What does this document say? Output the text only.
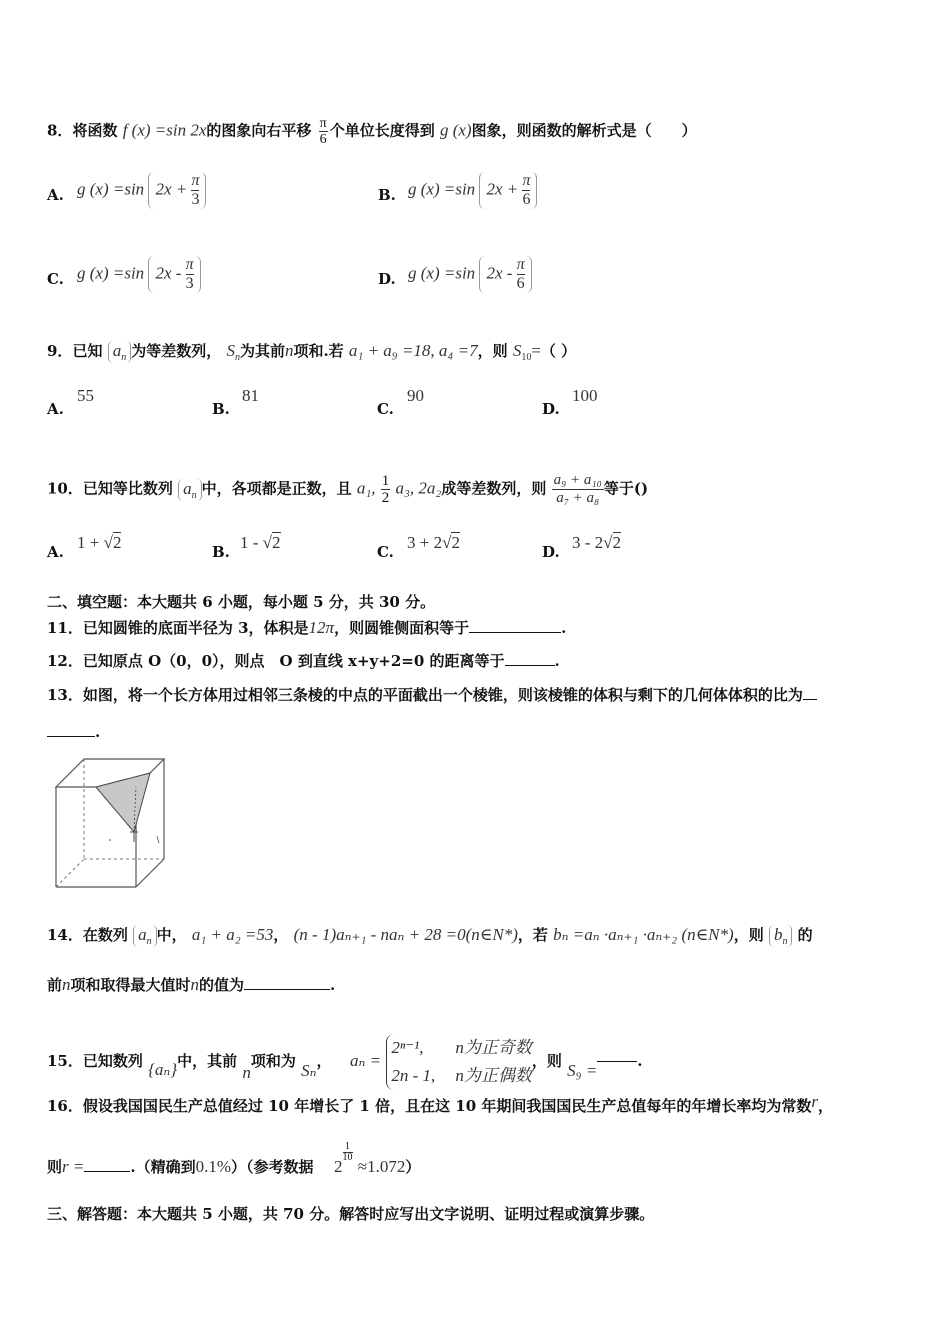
8．将函数 f (x) =sin 2x的图象向右平移 $\frac{\pi}{6}$ 个单位长度得到 g (x)图象，则函数的解析式是（　　）
A. g (x) =sin $2x + \frac{\pi}{3}$	B. g (x) =sin $2x + \frac{\pi}{6}$
C. g (x) =sin $2x - \frac{\pi}{3}$	D. g (x) =sin $2x - \frac{\pi}{6}$
9．已知 $a_n$ 为等差数列， $S_n$为其前n项和.若 a₁ + a₉ =18, a₄ =7，则 $S_{10}=$（ ）
A.
55
B.
81
C.
90
D.
100
10．已知等比数列 $a_n$ 中，各项都是正数，且 a₁, $\frac{1}{2} a_3$, 2a₂成等差数列，则 $\frac{\text{a₉ + a₁₀}}{\text{a₇ + a₈}}$ 等于()
A. 1 + √2	B. 1 - √2	C. 3 + 2√2	D. 3 - 2√2
二、填空题：本大题共 6 小题，每小题 5 分，共 30 分。
11．已知圆锥的底面半径为 3，体积是12π，则圆锥侧面积等于	.
12．已知原点 O（0，0），则点　O 到直线 x+y+2=0 的距离等于	.
13．如图，将一个长方体用过相邻三条棱的中点的平面截出一个棱锥，则该棱锥的体积与剩下的几何体体积的比为
.
14．在数列 $a_n$ 中， a₁ + a₂ =53， (n - 1)aₙ₊₁ - naₙ + 28 =0(n∈N*)，若 bₙ =aₙ ·aₙ₊₁ ·aₙ₊₂ (n∈N*)，则 $b_n$ 的
前n项和取得最大值时n的值为	.
15．已知数列 {aₙ}中，其前 n项和为 Sₙ， aₙ =
2ⁿ⁻¹, n为正奇数
2n - 1, n为正偶数
，则 S₉ =	.
16．假设我国国民生产总值经过 10 年增长了 1 倍，且在这 10 年期间我国国民生产总值每年的年增长率均为常数r，
则r =	.（精确到0.1%）（参考数据 2
$\frac{1}{10}$
≈1.072）
三、解答题：本大题共 5 小题，共 70 分。解答时应写出文字说明、证明过程或演算步骤。
